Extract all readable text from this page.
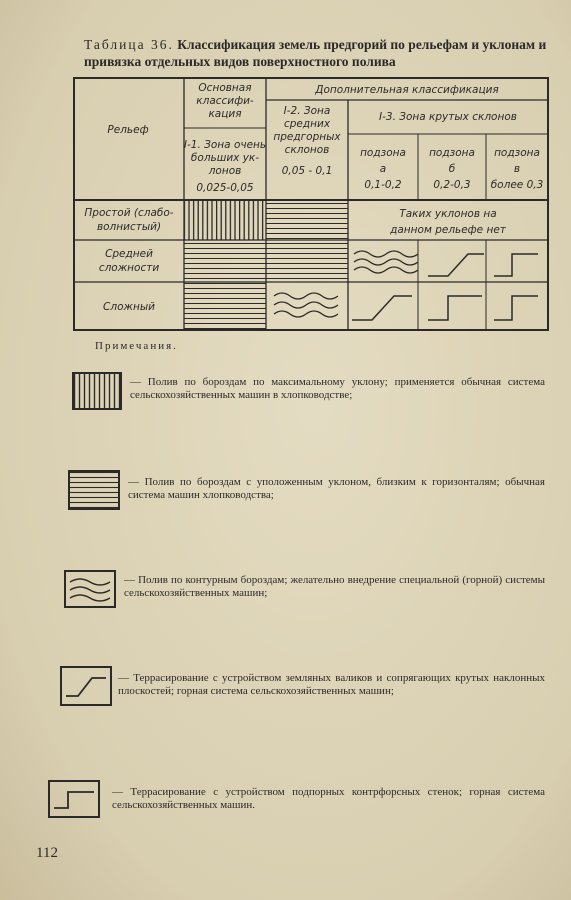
Таблица 36. Классификация земель предгорий по рельефам и уклонам и привязка отдельных видов поверхностного полива
Рельеф
Основная
классифи-
кация
Дополнительная классификация
I-1. Зона очень
больших ук-
лонов
0,025-0,05
I-2. Зона
средних
предгорных
склонов
0,05 - 0,1
I-3. Зона крутых склонов
подзона
а
0,1-0,2
подзона
б
0,2-0,3
подзона
в
более 0,3
Простой (слабо-
волнистый)
Средней
сложности
Сложный
Таких уклонов на
данном рельефе нет
Примечания.
— Полив по бороздам по максимальному уклону; применяется обычная система сельскохозяйственных машин в хлопководстве;
— Полив по бороздам с уположенным уклоном, близким к горизонталям; обычная система машин хлопководства;
— Полив по контурным бороздам; желательно внедрение специальной (горной) системы сельскохозяйственных машин;
— Террасирование с устройством земляных валиков и сопрягающих крутых наклонных плоскостей; горная система сельскохозяйственных машин;
— Террасирование с устройством подпорных контрфорсных стенок; горная система сельскохозяйственных машин.
112
